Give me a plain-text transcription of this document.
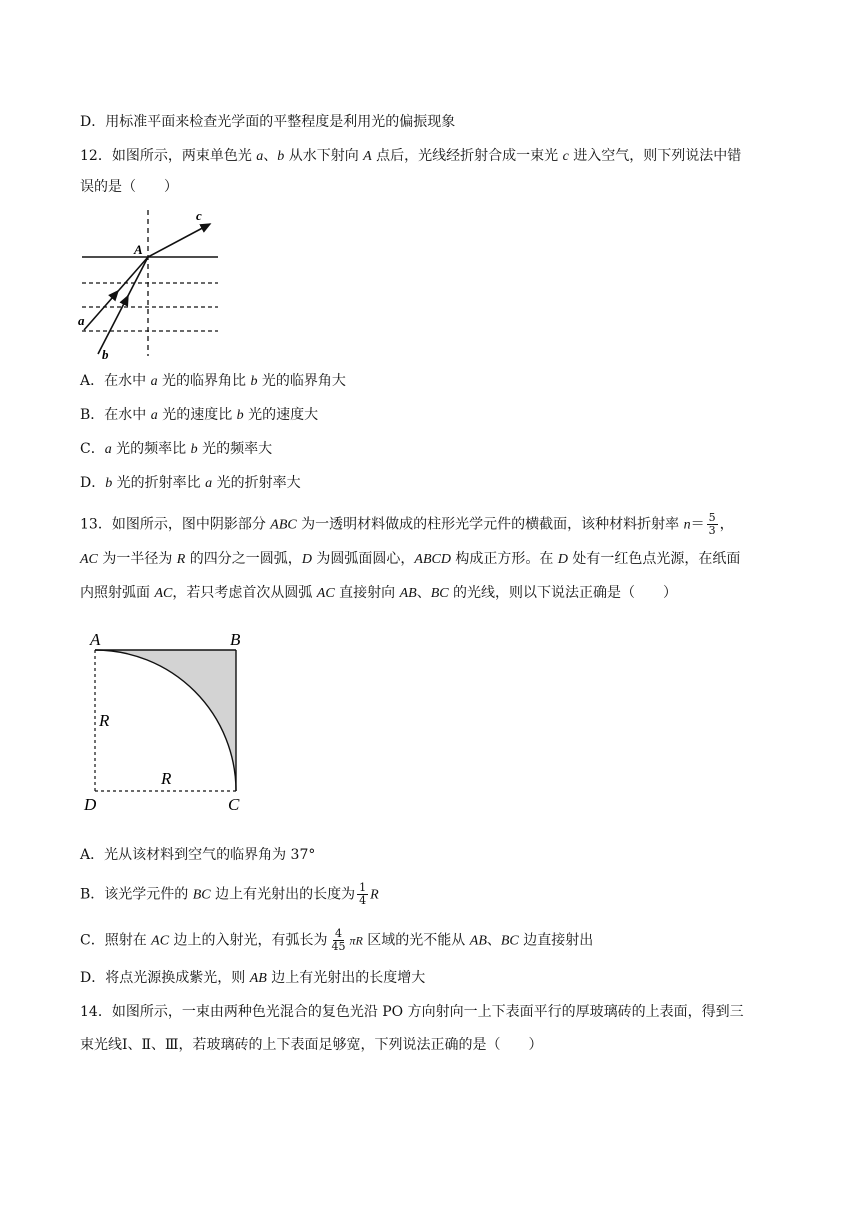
D．用标准平面来检查光学面的平整程度是利用光的偏振现象
12．如图所示，两束单色光 a、b 从水下射向 A 点后，光线经折射合成一束光 c 进入空气，则下列说法中错
误的是（　　）
A
c
a
b
A．在水中 a 光的临界角比 b 光的临界角大
B．在水中 a 光的速度比 b 光的速度大
C．a 光的频率比 b 光的频率大
D．b 光的折射率比 a 光的折射率大
13．如图所示，图中阴影部分 ABC 为一透明材料做成的柱形光学元件的横截面，该种材料折射率 $n= \frac{5}{3}$ ，
AC 为一半径为 R 的四分之一圆弧，D 为圆弧面圆心，ABCD 构成正方形。在 D 处有一红色点光源，在纸面
内照射弧面 AC，若只考虑首次从圆弧 AC 直接射向 AB、BC 的光线，则以下说法正确是（　　）
A	B
C
D
R
R
A．光从该材料到空气的临界角为 37°
B．该光学元件的 BC 边上有光射出的长度为 $\frac{1}{4}$ R
C．照射在 AC 边上的入射光，有弧长为 $\frac{4}{45}$ πR 区域的光不能从 AB、BC 边直接射出
D．将点光源换成紫光，则 AB 边上有光射出的长度增大
14．如图所示，一束由两种色光混合的复色光沿 PO 方向射向一上下表面平行的厚玻璃砖的上表面，得到三
束光线Ⅰ、Ⅱ、Ⅲ，若玻璃砖的上下表面足够宽，下列说法正确的是（　　）
